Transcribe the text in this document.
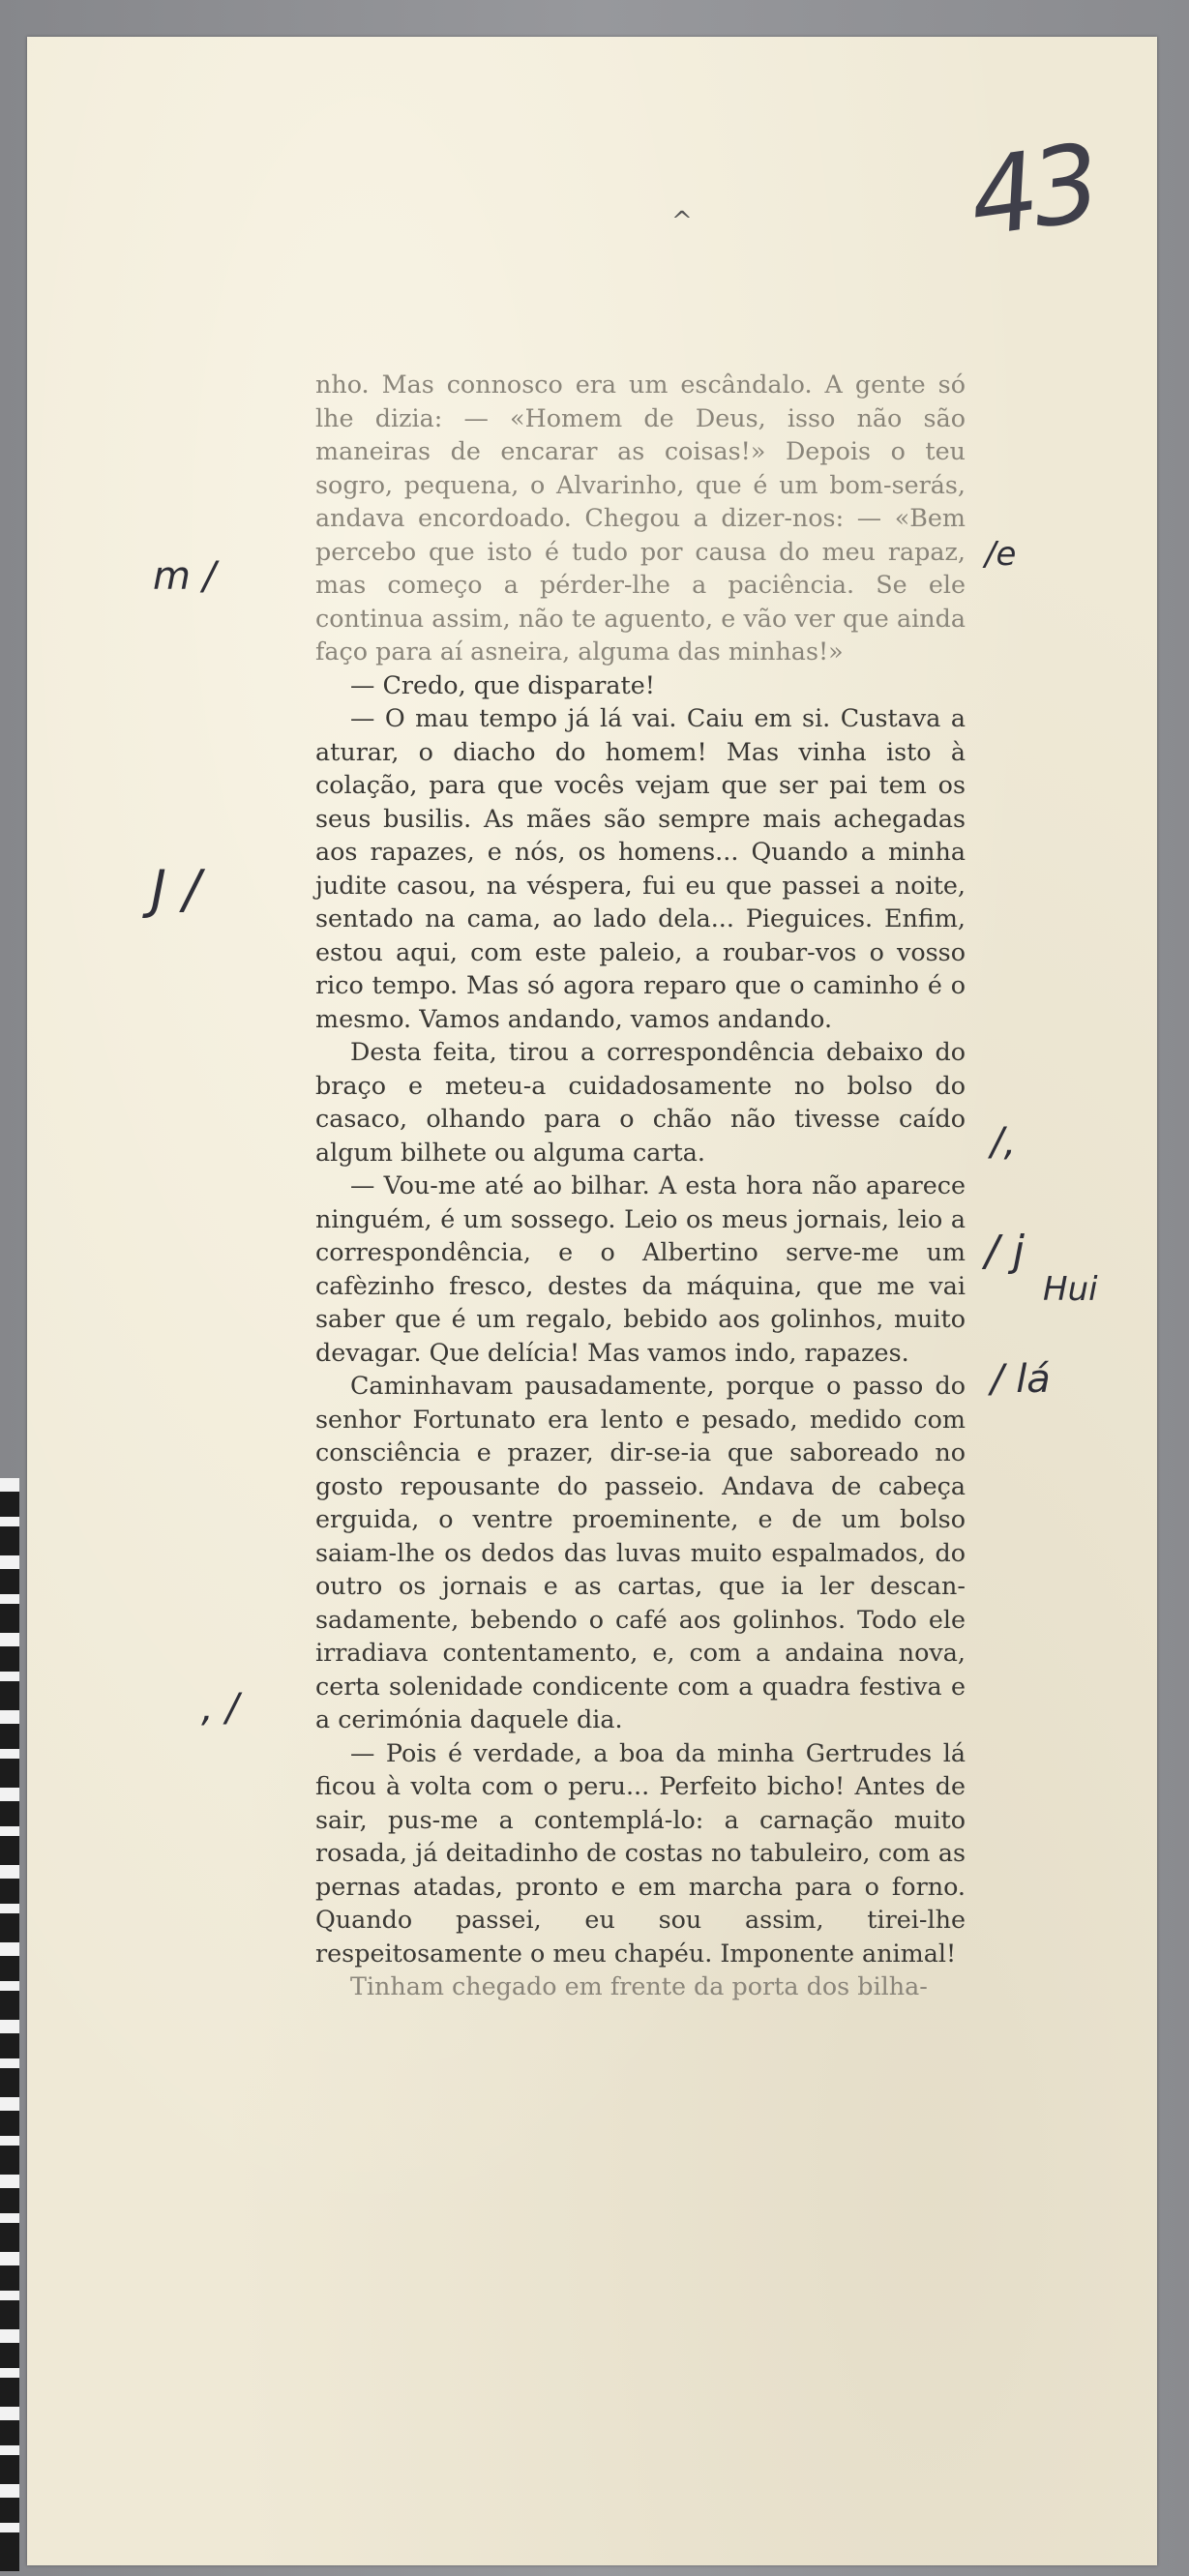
^	43
m /	/e
J /
/,
/ j
Hui
/ lá
, /

nho. Mas connosco era um escândalo. A gente só lhe dizia: — «Homem de Deus, isso não são maneiras de encarar as coisas!» Depois o teu sogro, pequena, o Alvarinho, que é um bom-serás, andava encordoado. Chegou a dizer-nos: — «Bem percebo que isto é tudo por causa do meu rapaz, mas começo a pérder-lhe a paciência. Se ele continua assim, não te aguento, e vão ver que ainda faço para aí asneira, alguma das minhas!»

— Credo, que disparate!

— O mau tempo já lá vai. Caiu em si. Custava a aturar, o diacho do homem! Mas vinha isto à colação, para que vocês vejam que ser pai tem os seus busilis. As mães são sempre mais achegadas aos rapazes, e nós, os homens... Quando a minha judite casou, na véspera, fui eu que passei a noite, sentado na cama, ao lado dela... Pieguices. Enfim, estou aqui, com este paleio, a roubar-vos o vosso rico tempo. Mas só agora reparo que o caminho é o mesmo. Vamos andando, vamos andando.

Desta feita, tirou a correspondência debaixo do braço e meteu-a cuidadosamente no bolso do casaco, olhando para o chão não tivesse caído algum bilhete ou alguma carta.

— Vou-me até ao bilhar. A esta hora não aparece ninguém, é um sossego. Leio os meus jornais, leio a correspondência, e o Albertino serve-me um cafèzinho fresco, destes da máquina, que me vai saber que é um regalo, bebido aos golinhos, muito devagar. Que delícia! Mas vamos indo, rapazes.

Caminhavam pausadamente, porque o passo do senhor Fortunato era lento e pesado, medido com consciência e prazer, dir-se-ia que saboreado no gosto repousante do passeio. Andava de cabeça erguida, o ventre proeminente, e de um bolso saiam-lhe os dedos das luvas muito espalmados, do outro os jornais e as cartas, que ia ler descansadamente, bebendo o café aos golinhos. Todo ele irradiava contentamento, e, com a andaina nova, certa solenidade condicente com a quadra festiva e a cerimónia daquele dia.

— Pois é verdade, a boa da minha Gertrudes lá ficou à volta com o peru... Perfeito bicho! Antes de sair, pus-me a contemplá-lo: a carnação muito rosada, já deitadinho de costas no tabuleiro, com as pernas atadas, pronto e em marcha para o forno. Quando passei, eu sou assim, tirei-lhe respeitosamente o meu chapéu. Imponente animal!

Tinham chegado em frente da porta dos bilha-
